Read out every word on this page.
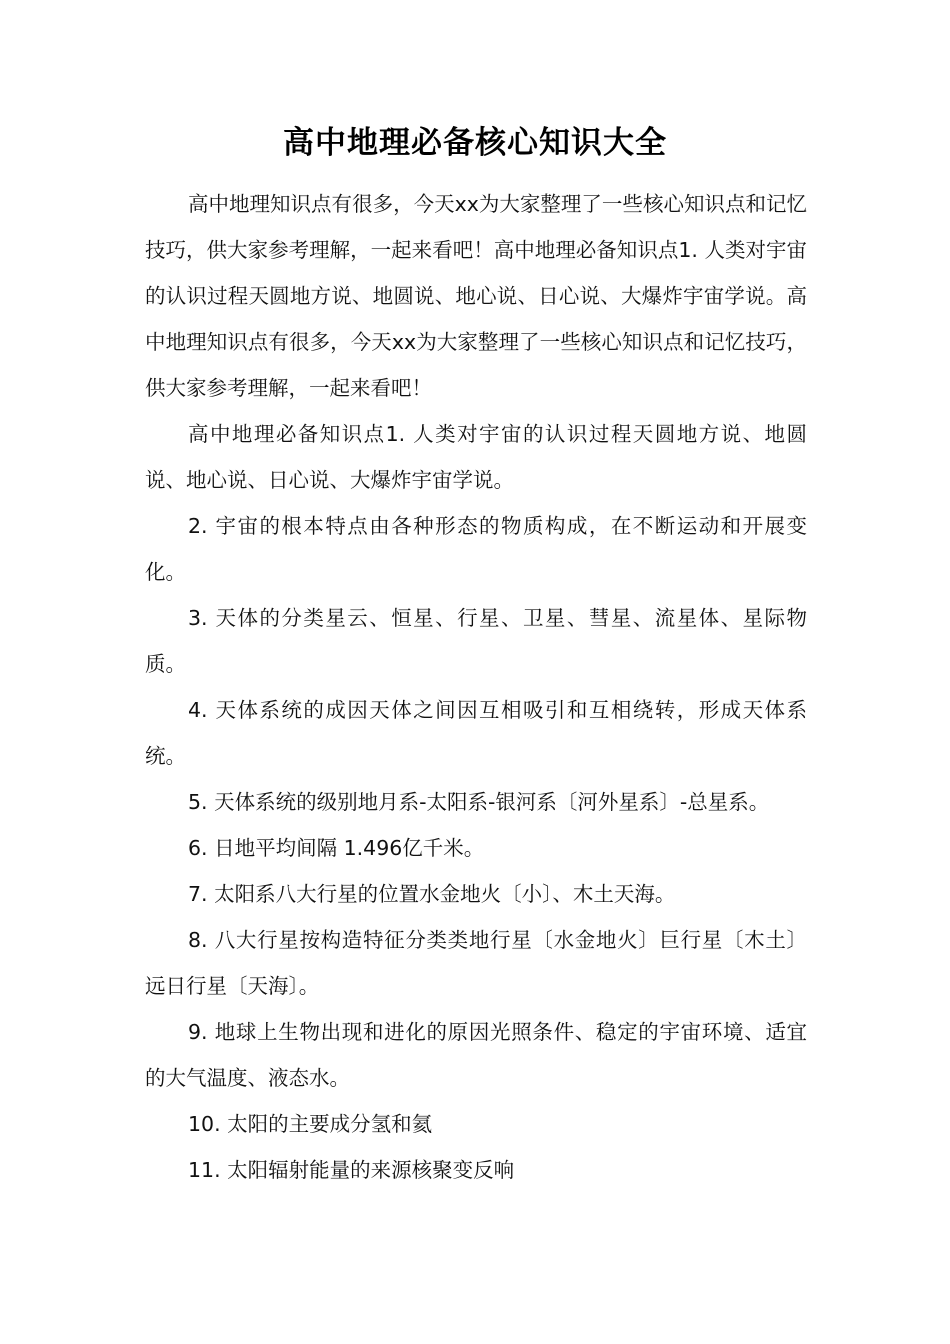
高中地理必备核心知识大全

高中地理知识点有很多，今天xx为大家整理了一些核心知识点和记忆技巧，供大家参考理解，一起来看吧！高中地理必备知识点1. 人类对宇宙的认识过程天圆地方说、地圆说、地心说、日心说、大爆炸宇宙学说。高中地理知识点有很多，今天xx为大家整理了一些核心知识点和记忆技巧，供大家参考理解，一起来看吧！

高中地理必备知识点1. 人类对宇宙的认识过程天圆地方说、地圆说、地心说、日心说、大爆炸宇宙学说。

2. 宇宙的根本特点由各种形态的物质构成，在不断运动和开展变化。

3. 天体的分类星云、恒星、行星、卫星、彗星、流星体、星际物质。

4. 天体系统的成因天体之间因互相吸引和互相绕转，形成天体系统。

5. 天体系统的级别地月系-太阳系-银河系〔河外星系〕-总星系。

6. 日地平均间隔 1.496亿千米。

7. 太阳系八大行星的位置水金地火〔小〕、木土天海。

8. 八大行星按构造特征分类类地行星〔水金地火〕巨行星〔木土〕远日行星〔天海〕。

9. 地球上生物出现和进化的原因光照条件、稳定的宇宙环境、适宜的大气温度、液态水。

10. 太阳的主要成分氢和氦

11. 太阳辐射能量的来源核聚变反响
